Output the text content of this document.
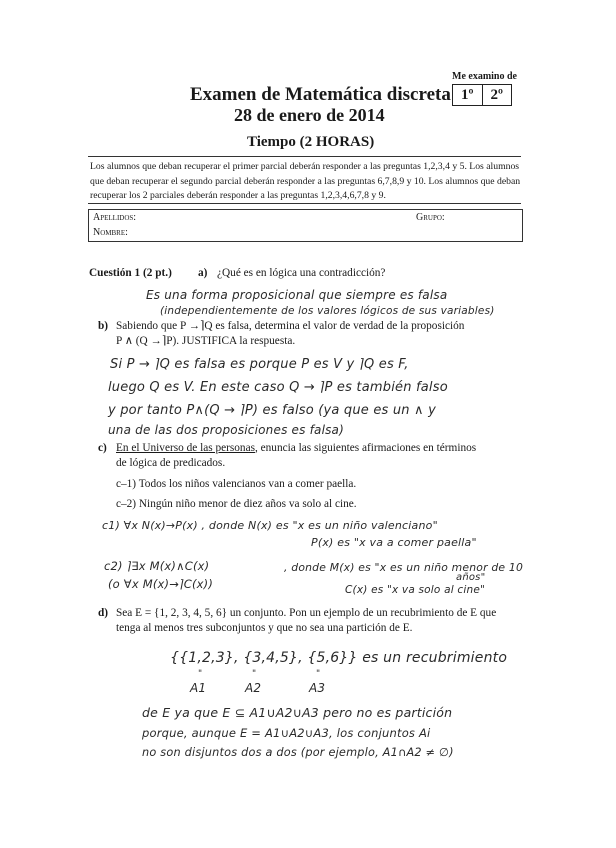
Me examino de
1º	2º
Examen de Matemática discreta
28 de enero de 2014
Tiempo (2 HORAS)
Los alumnos que deban recuperar el primer parcial deberán responder a las preguntas 1,2,3,4 y 5. Los alumnos que deban recuperar el segundo parcial deberán responder a las preguntas 6,7,8,9 y 10. Los alumnos que deban recuperar los 2 parciales deberán responder a las preguntas 1,2,3,4,6,7,8 y 9.
Apellidos:
Nombre:
Grupo:
Cuestión 1 (2 pt.) a) ¿Qué es en lógica una contradicción?
Es una forma proposicional que siempre es falsa
(independientemente de los valores lógicos de sus variables)
b) Sabiendo que P →⌉Q es falsa, determina el valor de verdad de la proposición
P ∧ (Q →⌉P). JUSTIFICA la respuesta.
Si P → ⌉Q es falsa es porque P es V y ⌉Q es F,
luego Q es V. En este caso Q → ⌉P es también falso
y por tanto P∧(Q → ⌉P) es falso (ya que es un ∧ y
una de las dos proposiciones es falsa)
c) En el Universo de las personas, enuncia las siguientes afirmaciones en términos
de lógica de predicados.
c–1) Todos los niños valencianos van a comer paella.
c–2) Ningún niño menor de diez años va solo al cine.
c1) ∀x N(x)→P(x) , donde N(x) es "x es un niño valenciano"
P(x) es "x va a comer paella"
c2) ⌉∃x M(x)∧C(x)	, donde M(x) es "x es un niño menor de 10
años"
(o ∀x M(x)→⌉C(x))	C(x) es "x va solo al cine"
d) Sea E = {1, 2, 3, 4, 5, 6} un conjunto. Pon un ejemplo de un recubrimiento de E que
tenga al menos tres subconjuntos y que no sea una partición de E.
{{1,2,3}, {3,4,5}, {5,6}} es un recubrimiento
"	"	"
A1	A2	A3
de E ya que E ⊆ A1∪A2∪A3 pero no es partición
porque, aunque E = A1∪A2∪A3, los conjuntos Ai
no son disjuntos dos a dos (por ejemplo, A1∩A2 ≠ ∅)
